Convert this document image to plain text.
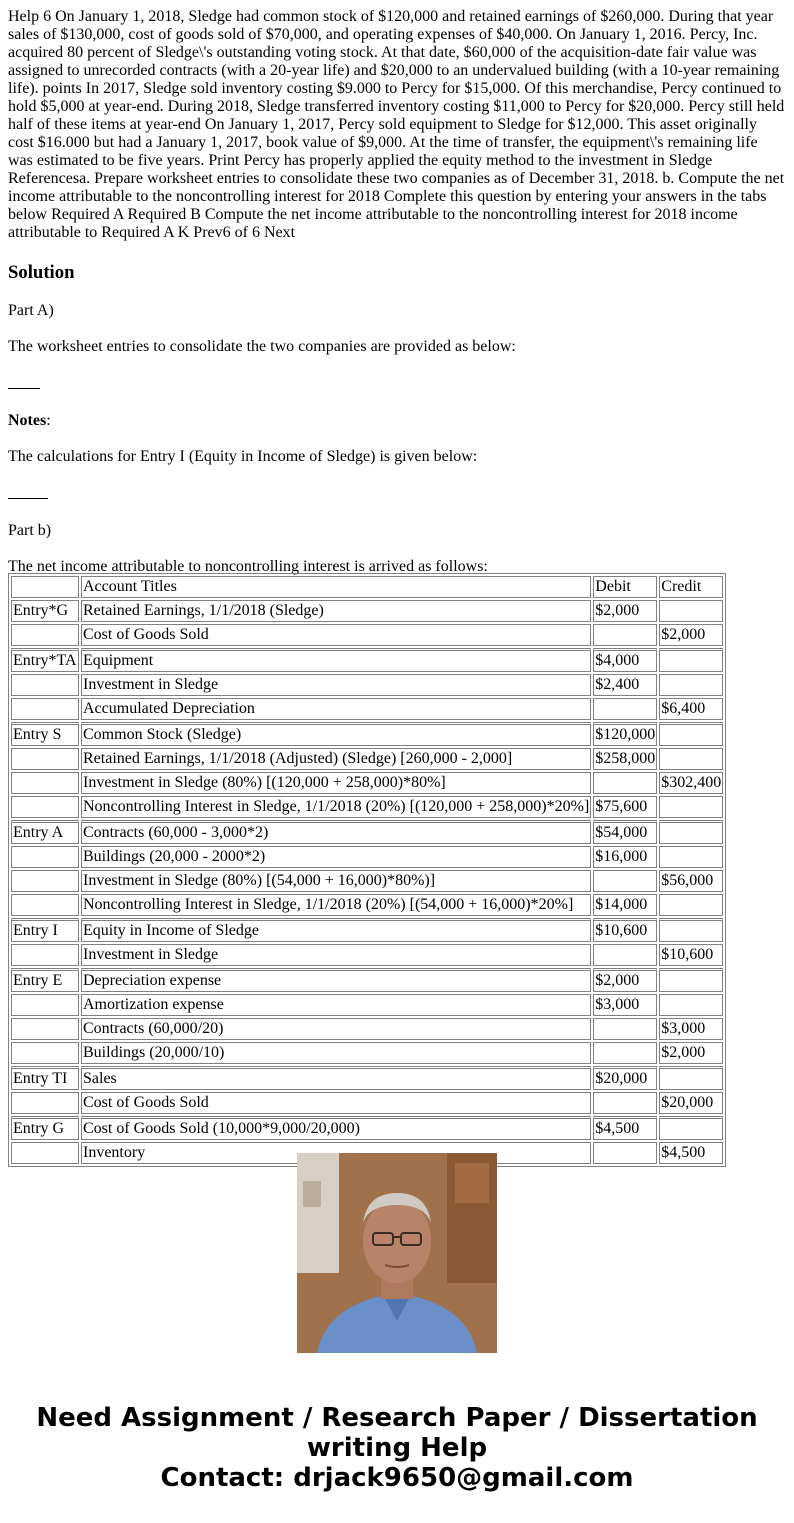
Help 6 On January 1, 2018, Sledge had common stock of $120,000 and retained earnings of $260,000. During that year sales of $130,000, cost of goods sold of $70,000, and operating expenses of $40,000. On January 1, 2016. Percy, Inc. acquired 80 percent of Sledge\'s outstanding voting stock. At that date, $60,000 of the acquisition-date fair value was assigned to unrecorded contracts (with a 20-year life) and $20,000 to an undervalued building (with a 10-year remaining life). points In 2017, Sledge sold inventory costing $9.000 to Percy for $15,000. Of this merchandise, Percy continued to hold $5,000 at year-end. During 2018, Sledge transferred inventory costing $11,000 to Percy for $20,000. Percy still held half of these items at year-end On January 1, 2017, Percy sold equipment to Sledge for $12,000. This asset originally cost $16.000 but had a January 1, 2017, book value of $9,000. At the time of transfer, the equipment\'s remaining life was estimated to be five years. Print Percy has properly applied the equity method to the investment in Sledge Referencesa. Prepare worksheet entries to consolidate these two companies as of December 31, 2018. b. Compute the net income attributable to the noncontrolling interest for 2018 Complete this question by entering your answers in the tabs below Required A Required B Compute the net income attributable to the noncontrolling interest for 2018 income attributable to Required A K Prev6 of 6 Next

Solution

Part A)

The worksheet entries to consolidate the two companies are provided as below:

Notes:

The calculations for Entry I (Equity in Income of Sledge) is given below:

Part b)

The net income attributable to noncontrolling interest is arrived as follows:

	Account Titles	Debit	Credit
Entry*G	Retained Earnings, 1/1/2018 (Sledge)	$2,000	
	Cost of Goods Sold		$2,000
Entry*TA	Equipment	$4,000	
	Investment in Sledge	$2,400	
	Accumulated Depreciation		$6,400
Entry S	Common Stock (Sledge)	$120,000	
	Retained Earnings, 1/1/2018 (Adjusted) (Sledge) [260,000 - 2,000]	$258,000	
	Investment in Sledge (80%) [(120,000 + 258,000)*80%]		$302,400
	Noncontrolling Interest in Sledge, 1/1/2018 (20%) [(120,000 + 258,000)*20%]	$75,600	
Entry A	Contracts (60,000 - 3,000*2)	$54,000	
	Buildings (20,000 - 2000*2)	$16,000	
	Investment in Sledge (80%) [(54,000 + 16,000)*80%)]		$56,000
	Noncontrolling Interest in Sledge, 1/1/2018 (20%) [(54,000 + 16,000)*20%]	$14,000	
Entry I	Equity in Income of Sledge	$10,600	
	Investment in Sledge		$10,600
Entry E	Depreciation expense	$2,000	
	Amortization expense	$3,000	
	Contracts (60,000/20)		$3,000
	Buildings (20,000/10)		$2,000
Entry TI	Sales	$20,000	
	Cost of Goods Sold		$20,000
Entry G	Cost of Goods Sold (10,000*9,000/20,000)	$4,500	
	Inventory		$4,500
Need Assignment / Research Paper / Dissertation
writing Help
Contact: drjack9650@gmail.com
